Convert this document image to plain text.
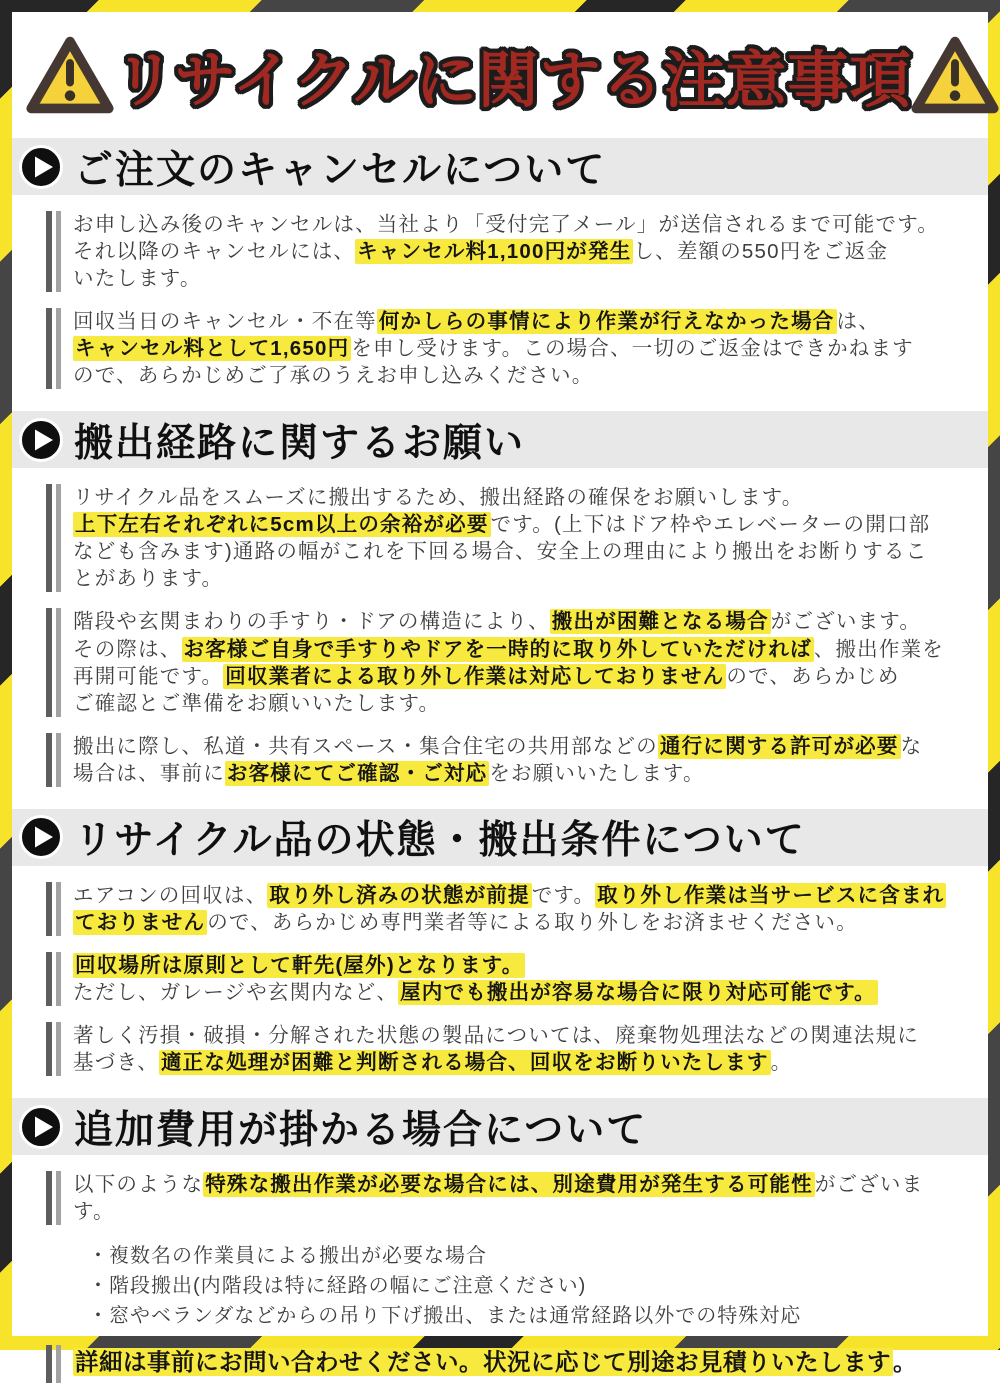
リサイクルに関する注意事項
ご注文のキャンセルについて

お申し込み後のキャンセルは、当社より「受付完了メール」が送信されるまで可能です。
それ以降のキャンセルには、キャンセル料1,100円が発生し、差額の550円をご返金
いたします。

回収当日のキャンセル・不在等何かしらの事情により作業が行えなかった場合は、
キャンセル料として1,650円を申し受けます。この場合、一切のご返金はできかねます
ので、あらかじめご了承のうえお申し込みください。

搬出経路に関するお願い

リサイクル品をスムーズに搬出するため、搬出経路の確保をお願いします。
上下左右それぞれに5cm以上の余裕が必要です。(上下はドア枠やエレベーターの開口部
なども含みます)通路の幅がこれを下回る場合、安全上の理由により搬出をお断りするこ
とがあります。

階段や玄関まわりの手すり・ドアの構造により、搬出が困難となる場合がございます。
その際は、お客様ご自身で手すりやドアを一時的に取り外していただければ、搬出作業を
再開可能です。回収業者による取り外し作業は対応しておりませんので、あらかじめ
ご確認とご準備をお願いいたします。

搬出に際し、私道・共有スペース・集合住宅の共用部などの通行に関する許可が必要な
場合は、事前にお客様にてご確認・ご対応をお願いいたします。

リサイクル品の状態・搬出条件について

エアコンの回収は、取り外し済みの状態が前提です。取り外し作業は当サービスに含まれ
ておりませんので、あらかじめ専門業者等による取り外しをお済ませください。

回収場所は原則として軒先(屋外)となります。
ただし、ガレージや玄関内など、屋内でも搬出が容易な場合に限り対応可能です。

著しく汚損・破損・分解された状態の製品については、廃棄物処理法などの関連法規に
基づき、適正な処理が困難と判断される場合、回収をお断りいたします。

追加費用が掛かる場合について

以下のような特殊な搬出作業が必要な場合には、別途費用が発生する可能性がございます。

・複数名の作業員による搬出が必要な場合
・階段搬出(内階段は特に経路の幅にご注意ください)
・窓やベランダなどからの吊り下げ搬出、または通常経路以外での特殊対応

詳細は事前にお問い合わせください。状況に応じて別途お見積りいたします。
